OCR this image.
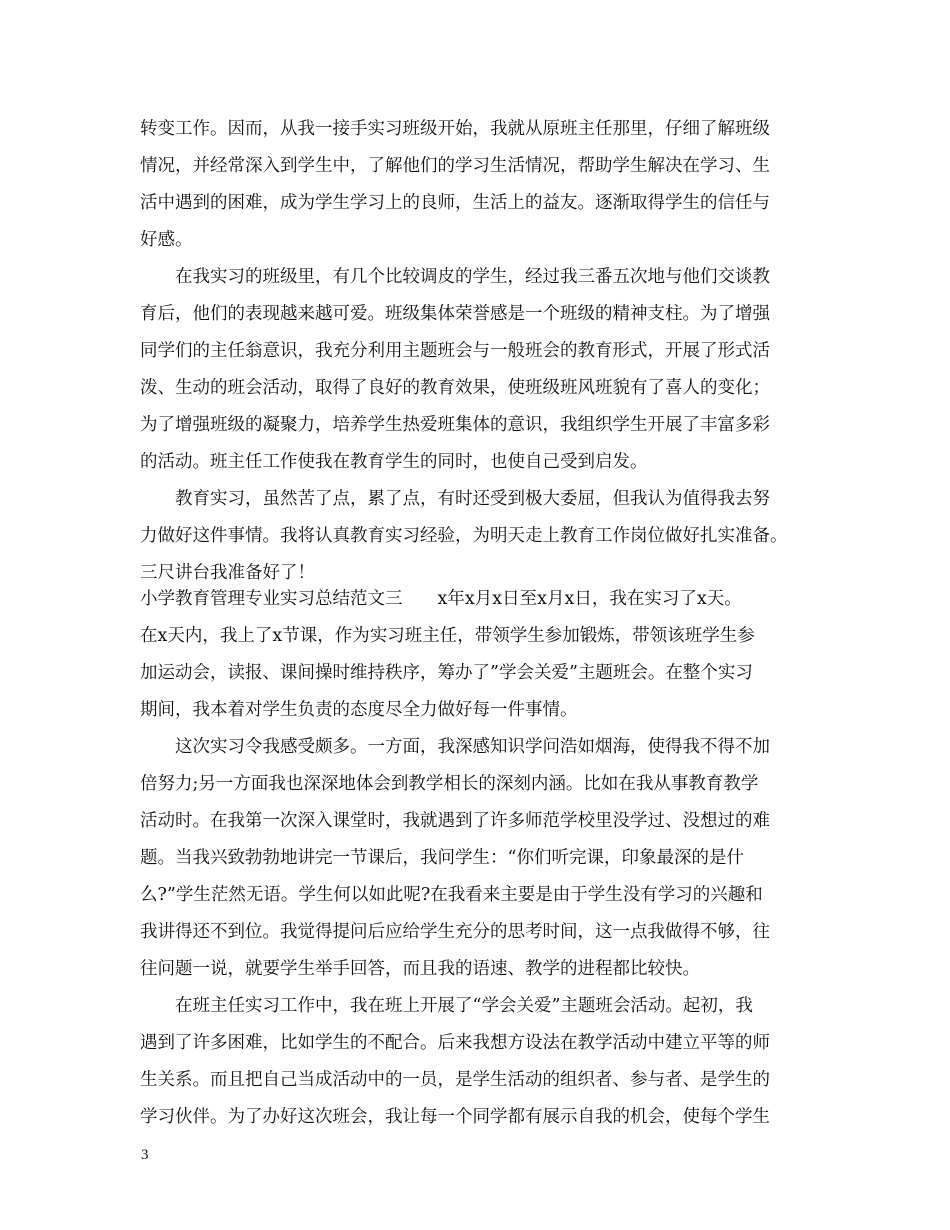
转变工作。因而，从我一接手实习班级开始，我就从原班主任那里，仔细了解班级
情况，并经常深入到学生中，了解他们的学习生活情况，帮助学生解决在学习、生
活中遇到的困难，成为学生学习上的良师，生活上的益友。逐渐取得学生的信任与
好感。
　　在我实习的班级里，有几个比较调皮的学生，经过我三番五次地与他们交谈教
育后，他们的表现越来越可爱。班级集体荣誉感是一个班级的精神支柱。为了增强
同学们的主任翁意识，我充分利用主题班会与一般班会的教育形式，开展了形式活
泼、生动的班会活动，取得了良好的教育效果，使班级班风班貌有了喜人的变化；
为了增强班级的凝聚力，培养学生热爱班集体的意识，我组织学生开展了丰富多彩
的活动。班主任工作使我在教育学生的同时，也使自己受到启发。
　　教育实习，虽然苦了点，累了点，有时还受到极大委屈，但我认为值得我去努
力做好这件事情。我将认真教育实习经验，为明天走上教育工作岗位做好扎实准备。
三尺讲台我准备好了！
小学教育管理专业实习总结范文三　　x年x月x日至x月x日，我在实习了x天。
在x天内，我上了x节课，作为实习班主任，带领学生参加锻炼，带领该班学生参
加运动会，读报、课间操时维持秩序，筹办了”学会关爱”主题班会。在整个实习
期间，我本着对学生负责的态度尽全力做好每一件事情。
　　这次实习令我感受颇多。一方面，我深感知识学问浩如烟海，使得我不得不加
倍努力;另一方面我也深深地体会到教学相长的深刻内涵。比如在我从事教育教学
活动时。在我第一次深入课堂时，我就遇到了许多师范学校里没学过、没想过的难
题。当我兴致勃勃地讲完一节课后，我问学生：“你们听完课，印象最深的是什
么?”学生茫然无语。学生何以如此呢?在我看来主要是由于学生没有学习的兴趣和
我讲得还不到位。我觉得提问后应给学生充分的思考时间，这一点我做得不够，往
往问题一说，就要学生举手回答，而且我的语速、教学的进程都比较快。
　　在班主任实习工作中，我在班上开展了“学会关爱”主题班会活动。起初，我
遇到了许多困难，比如学生的不配合。后来我想方设法在教学活动中建立平等的师
生关系。而且把自己当成活动中的一员，是学生活动的组织者、参与者、是学生的
学习伙伴。为了办好这次班会，我让每一个同学都有展示自我的机会，使每个学生
3
